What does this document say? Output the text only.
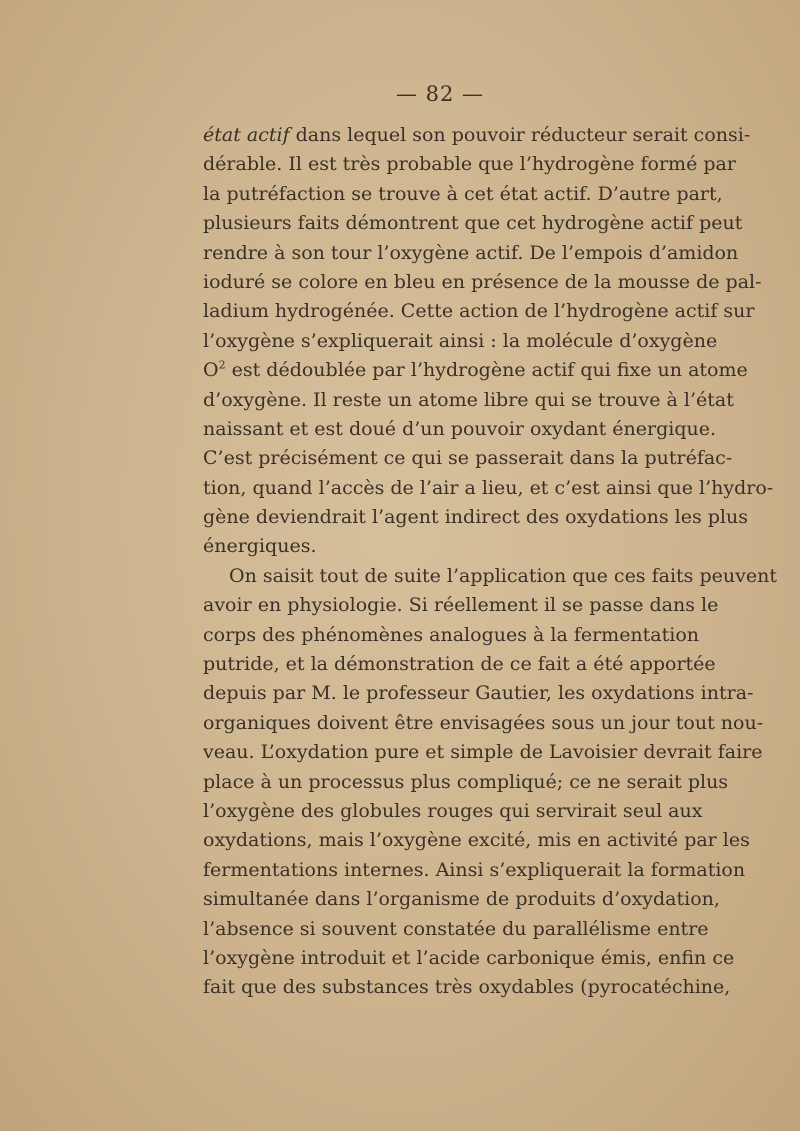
— 82 —
état actif dans lequel son pouvoir réducteur serait consi-
dérable. Il est très probable que l’hydrogène formé par
la putréfaction se trouve à cet état actif. D’autre part,
plusieurs faits démontrent que cet hydrogène actif peut
rendre à son tour l’oxygène actif. De l’empois d’amidon
ioduré se colore en bleu en présence de la mousse de pal-
ladium hydrogénée. Cette action de l’hydrogène actif sur
l’oxygène s’expliquerait ainsi : la molécule d’oxygène
$O^2$ est dédoublée par l’hydrogène actif qui fixe un atome
d’oxygène. Il reste un atome libre qui se trouve à l’état
naissant et est doué d’un pouvoir oxydant énergique.
C’est précisément ce qui se passerait dans la putréfac-
tion, quand l’accès de l’air a lieu, et c’est ainsi que l’hydro-
gène deviendrait l’agent indirect des oxydations les plus
énergiques.
On saisit tout de suite l’application que ces faits peuvent
avoir en physiologie. Si réellement il se passe dans le
corps des phénomènes analogues à la fermentation
putride, et la démonstration de ce fait a été apportée
depuis par M. le professeur Gautier, les oxydations intra-
organiques doivent être envisagées sous un jour tout nou-
veau. L’oxydation pure et simple de Lavoisier devrait faire
place à un processus plus compliqué; ce ne serait plus
l’oxygène des globules rouges qui servirait seul aux
oxydations, mais l’oxygène excité, mis en activité par les
fermentations internes. Ainsi s’expliquerait la formation
simultanée dans l’organisme de produits d’oxydation,
l’absence si souvent constatée du parallélisme entre
l’oxygène introduit et l’acide carbonique émis, enfin ce
fait que des substances très oxydables (pyrocatéchine,
